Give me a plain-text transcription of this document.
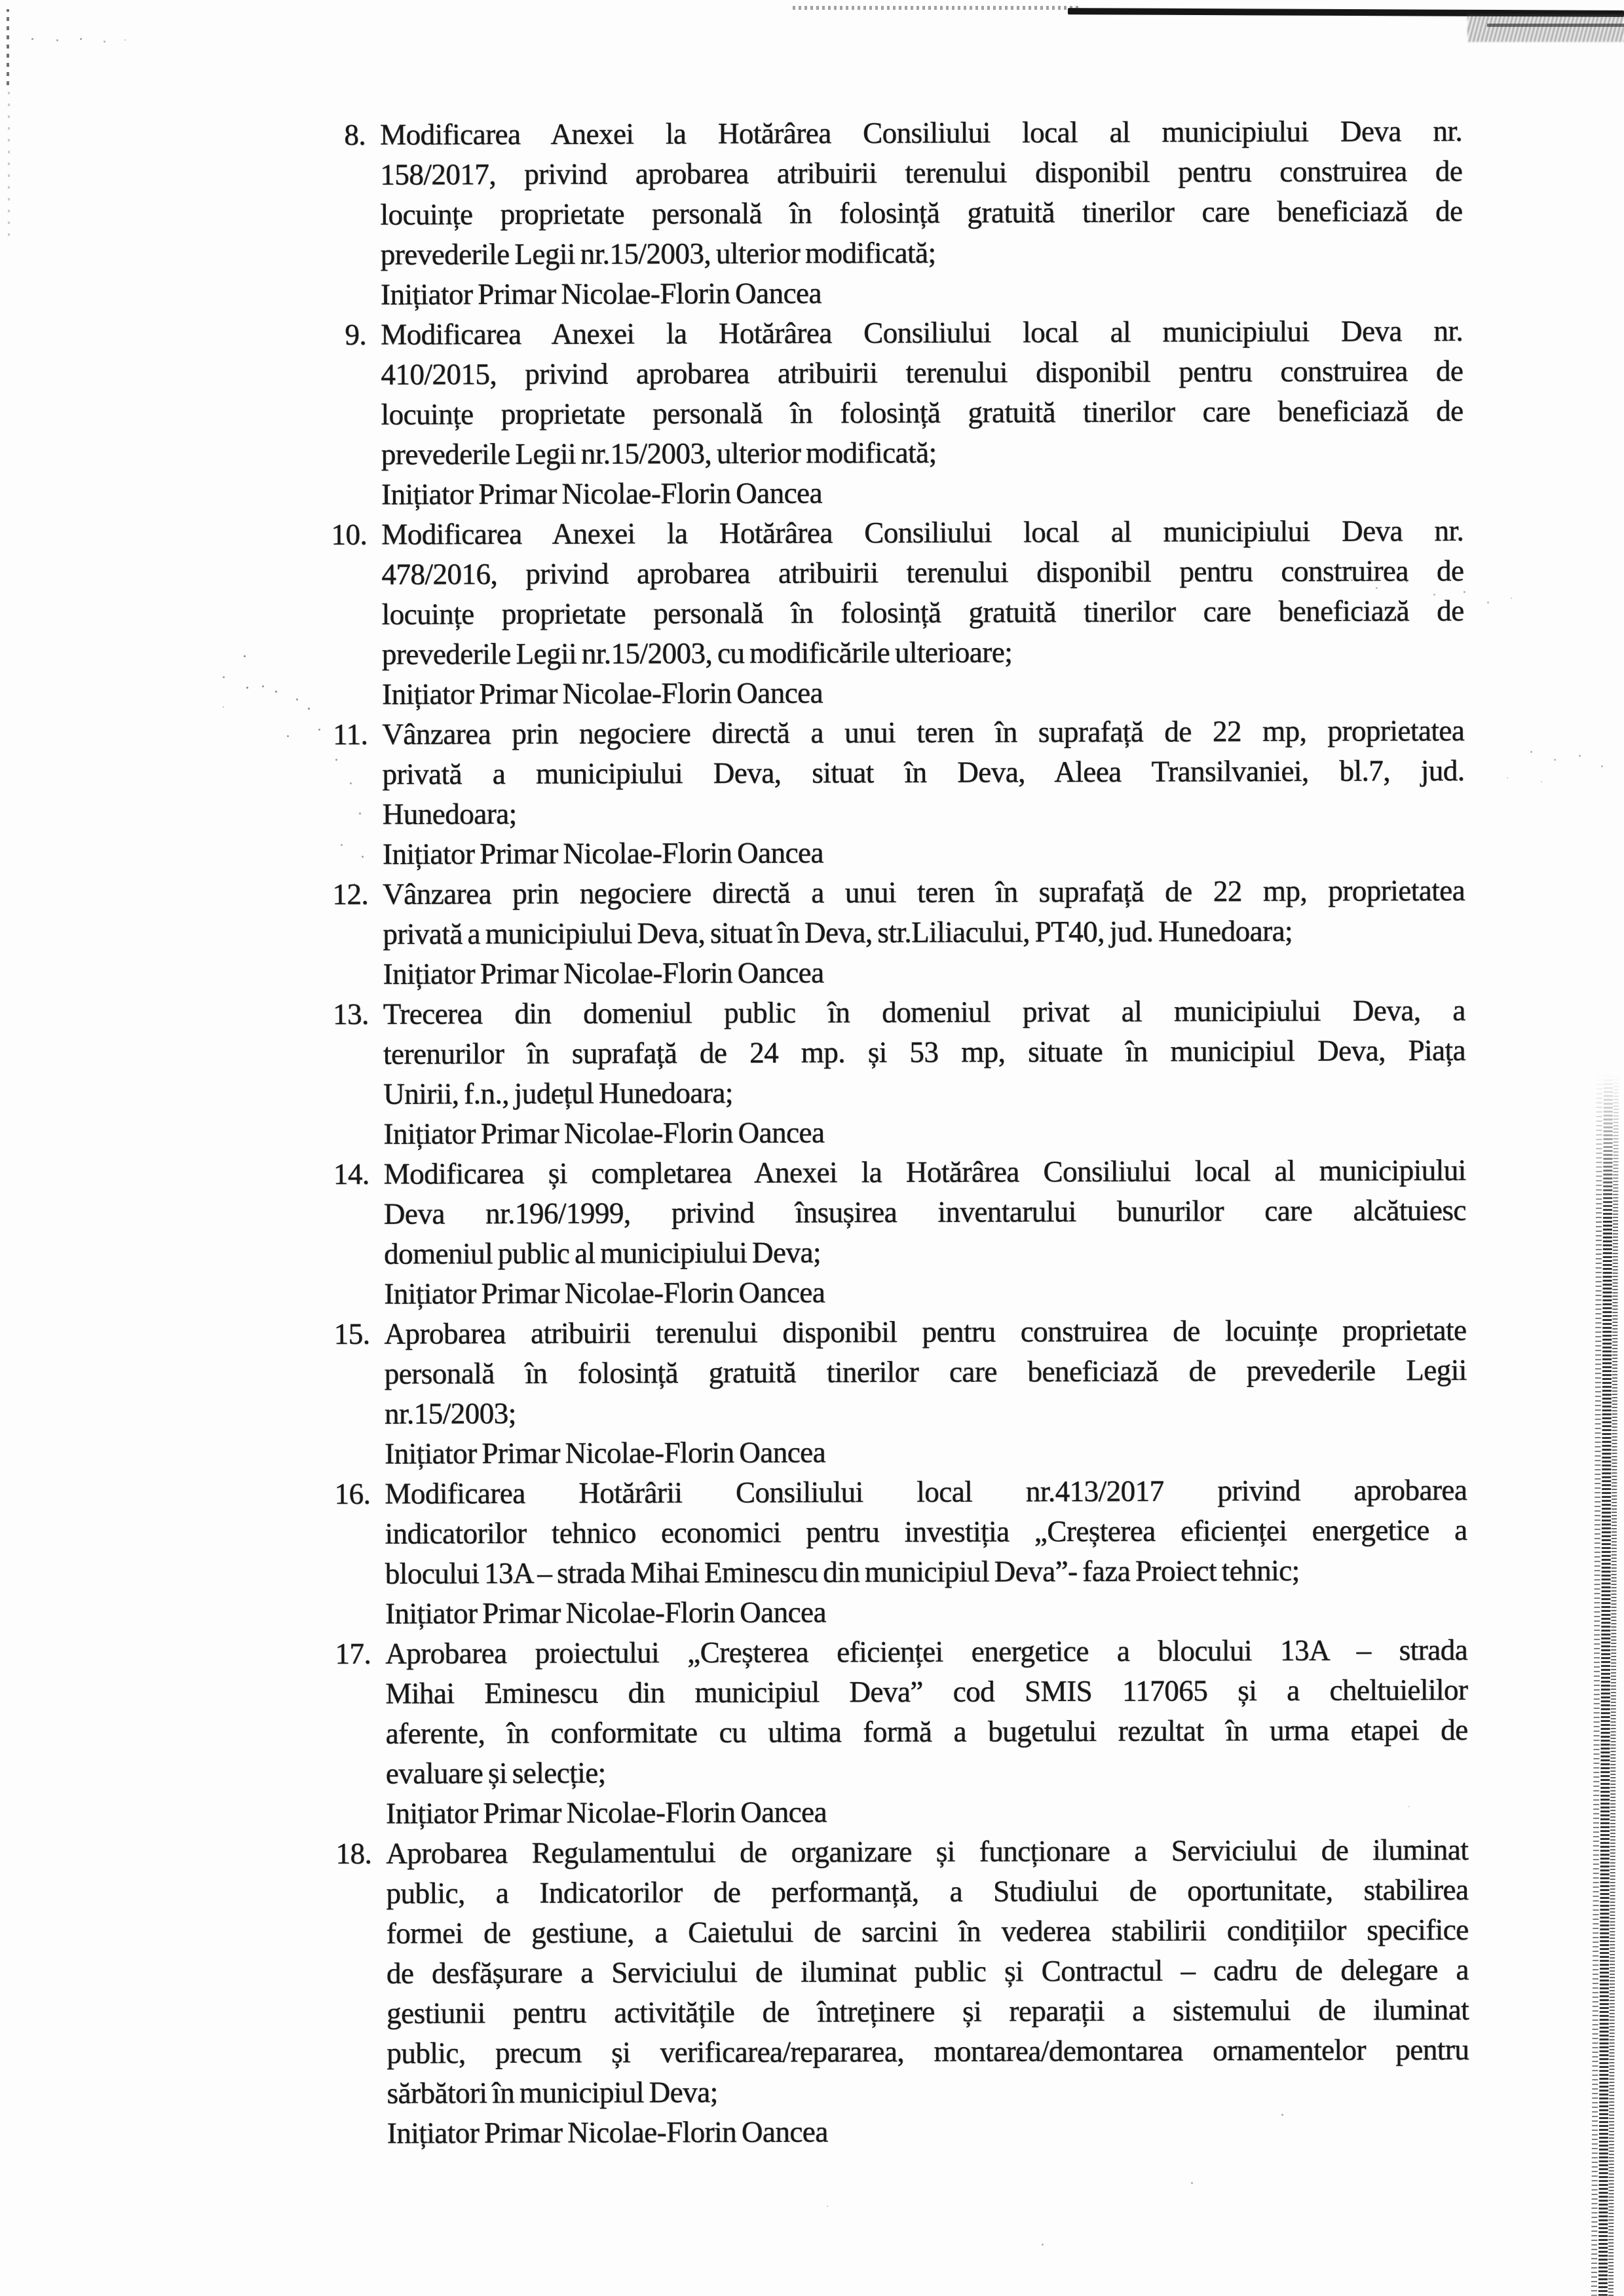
8. Modificarea Anexei la Hotărârea Consiliului local al municipiului Deva nr.
158/2017, privind aprobarea atribuirii terenului disponibil pentru construirea de
locuințe proprietate personală în folosință gratuită tinerilor care beneficiază de
prevederile Legii nr.15/2003, ulterior modificată;
Inițiator Primar Nicolae-Florin Oancea
9. Modificarea Anexei la Hotărârea Consiliului local al municipiului Deva nr.
410/2015, privind aprobarea atribuirii terenului disponibil pentru construirea de
locuințe proprietate personală în folosință gratuită tinerilor care beneficiază de
prevederile Legii nr.15/2003, ulterior modificată;
Inițiator Primar Nicolae-Florin Oancea
10. Modificarea Anexei la Hotărârea Consiliului local al municipiului Deva nr.
478/2016, privind aprobarea atribuirii terenului disponibil pentru construirea de
locuințe proprietate personală în folosință gratuită tinerilor care beneficiază de
prevederile Legii nr.15/2003, cu modificările ulterioare;
Inițiator Primar Nicolae-Florin Oancea
11. Vânzarea prin negociere directă a unui teren în suprafață de 22 mp, proprietatea
privată a municipiului Deva, situat în Deva, Aleea Transilvaniei, bl.7, jud.
Hunedoara;
Inițiator Primar Nicolae-Florin Oancea
12. Vânzarea prin negociere directă a unui teren în suprafață de 22 mp, proprietatea
privată a municipiului Deva, situat în Deva, str.Liliacului, PT40, jud. Hunedoara;
Inițiator Primar Nicolae-Florin Oancea
13. Trecerea din domeniul public în domeniul privat al municipiului Deva, a
terenurilor în suprafață de 24 mp. și 53 mp, situate în municipiul Deva, Piața
Unirii, f.n., județul Hunedoara;
Inițiator Primar Nicolae-Florin Oancea
14. Modificarea și completarea Anexei la Hotărârea Consiliului local al municipiului
Deva nr.196/1999, privind însușirea inventarului bunurilor care alcătuiesc
domeniul public al municipiului Deva;
Inițiator Primar Nicolae-Florin Oancea
15. Aprobarea atribuirii terenului disponibil pentru construirea de locuințe proprietate
personală în folosință gratuită tinerilor care beneficiază de prevederile Legii
nr.15/2003;
Inițiator Primar Nicolae-Florin Oancea
16. Modificarea Hotărârii Consiliului local nr.413/2017 privind aprobarea
indicatorilor tehnico economici pentru investiția „Creșterea eficienței energetice a
blocului 13A – strada Mihai Eminescu din municipiul Deva”- faza Proiect tehnic;
Inițiator Primar Nicolae-Florin Oancea
17. Aprobarea proiectului „Creșterea eficienței energetice a blocului 13A – strada
Mihai Eminescu din municipiul Deva” cod SMIS 117065 și a cheltuielilor
aferente, în conformitate cu ultima formă a bugetului rezultat în urma etapei de
evaluare și selecție;
Inițiator Primar Nicolae-Florin Oancea
18. Aprobarea Regulamentului de organizare și funcționare a Serviciului de iluminat
public, a Indicatorilor de performanță, a Studiului de oportunitate, stabilirea
formei de gestiune, a Caietului de sarcini în vederea stabilirii condițiilor specifice
de desfășurare a Serviciului de iluminat public și Contractul – cadru de delegare a
gestiunii pentru activitățile de întreținere și reparații a sistemului de iluminat
public, precum și verificarea/repararea, montarea/demontarea ornamentelor pentru
sărbători în municipiul Deva;
Inițiator Primar Nicolae-Florin Oancea
